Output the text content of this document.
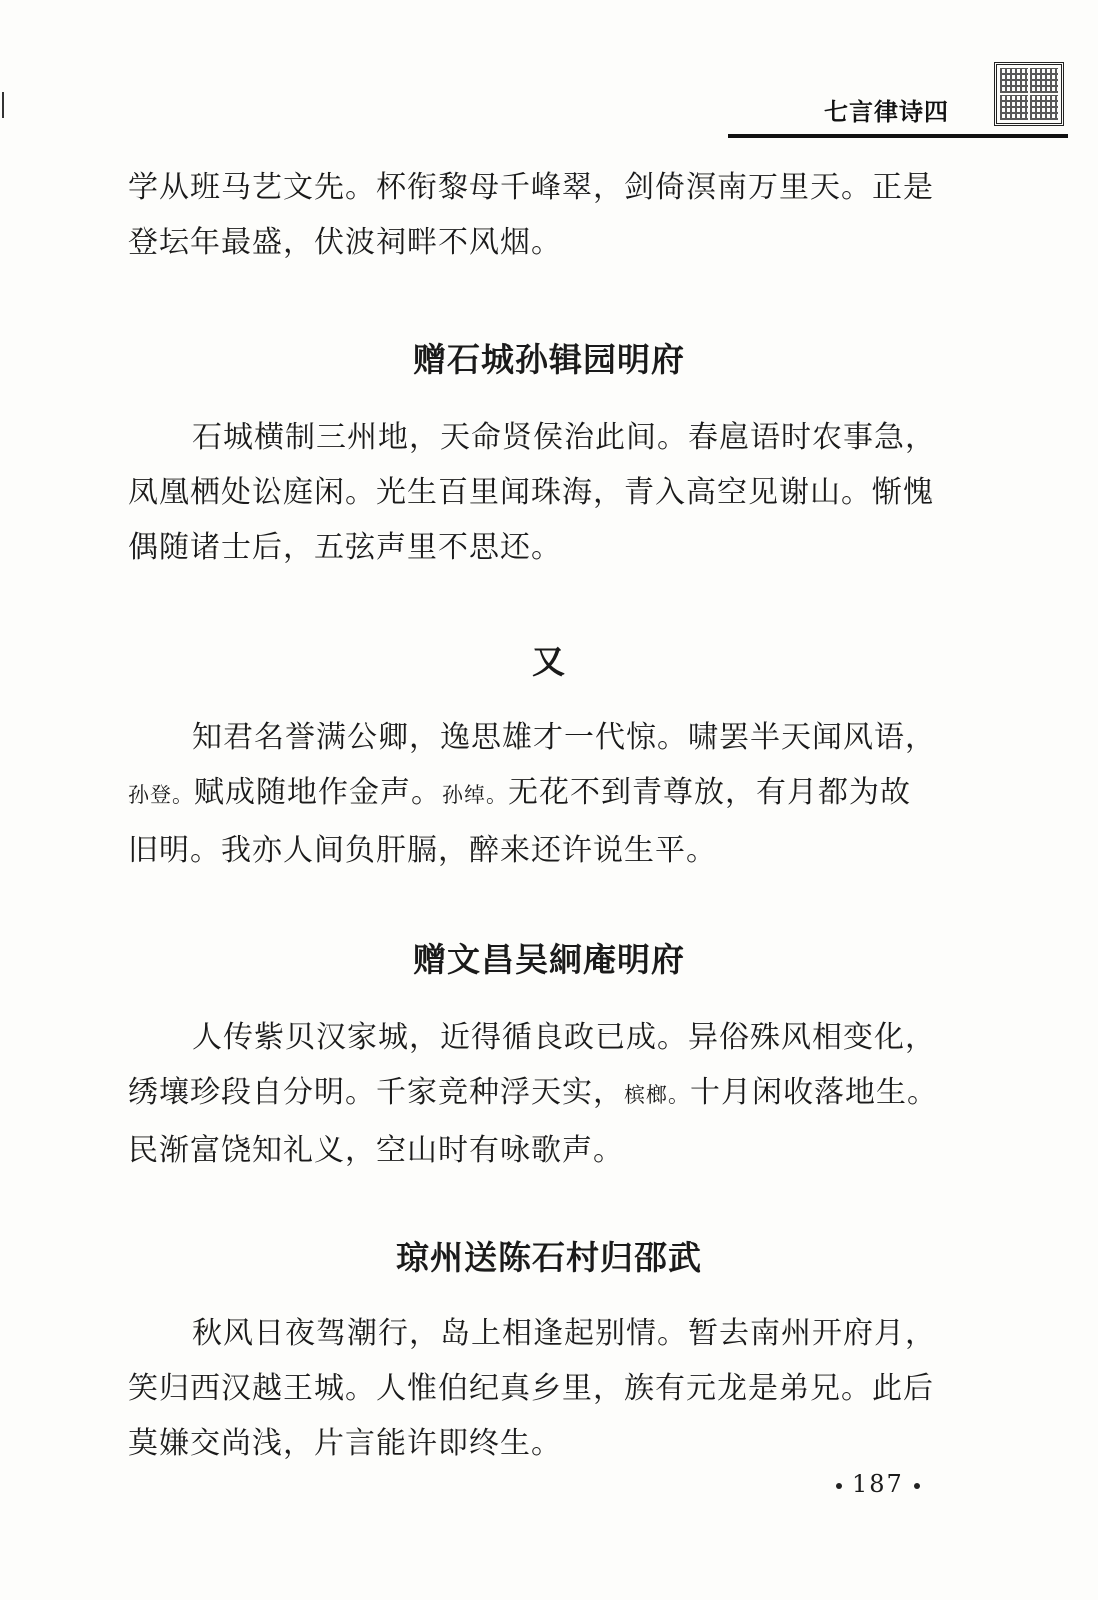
七言律诗四

学从班马艺文先。杯衔黎母千峰翠，剑倚溟南万里天。正是
登坛年最盛，伏波祠畔不风烟。

赠石城孙辑园明府

石城横制三州地，天命贤侯治此间。春扈语时农事急，
凤凰栖处讼庭闲。光生百里闻珠海，青入高空见谢山。惭愧
偶随诸士后，五弦声里不思还。

又

知君名誉满公卿，逸思雄才一代惊。啸罢半天闻风语，
孙登。赋成随地作金声。孙绰。无花不到青尊放，有月都为故
旧明。我亦人间负肝膈，醉来还许说生平。

赠文昌吴絅庵明府

人传紫贝汉家城，近得循良政已成。异俗殊风相变化，
绣壤珍段自分明。千家竞种浮天实，槟榔。十月闲收落地生。
民渐富饶知礼义，空山时有咏歌声。

琼州送陈石村归邵武

秋风日夜驾潮行，岛上相逢起别情。暂去南州开府月，
笑归西汉越王城。人惟伯纪真乡里，族有元龙是弟兄。此后
莫嫌交尚浅，片言能许即终生。

187
